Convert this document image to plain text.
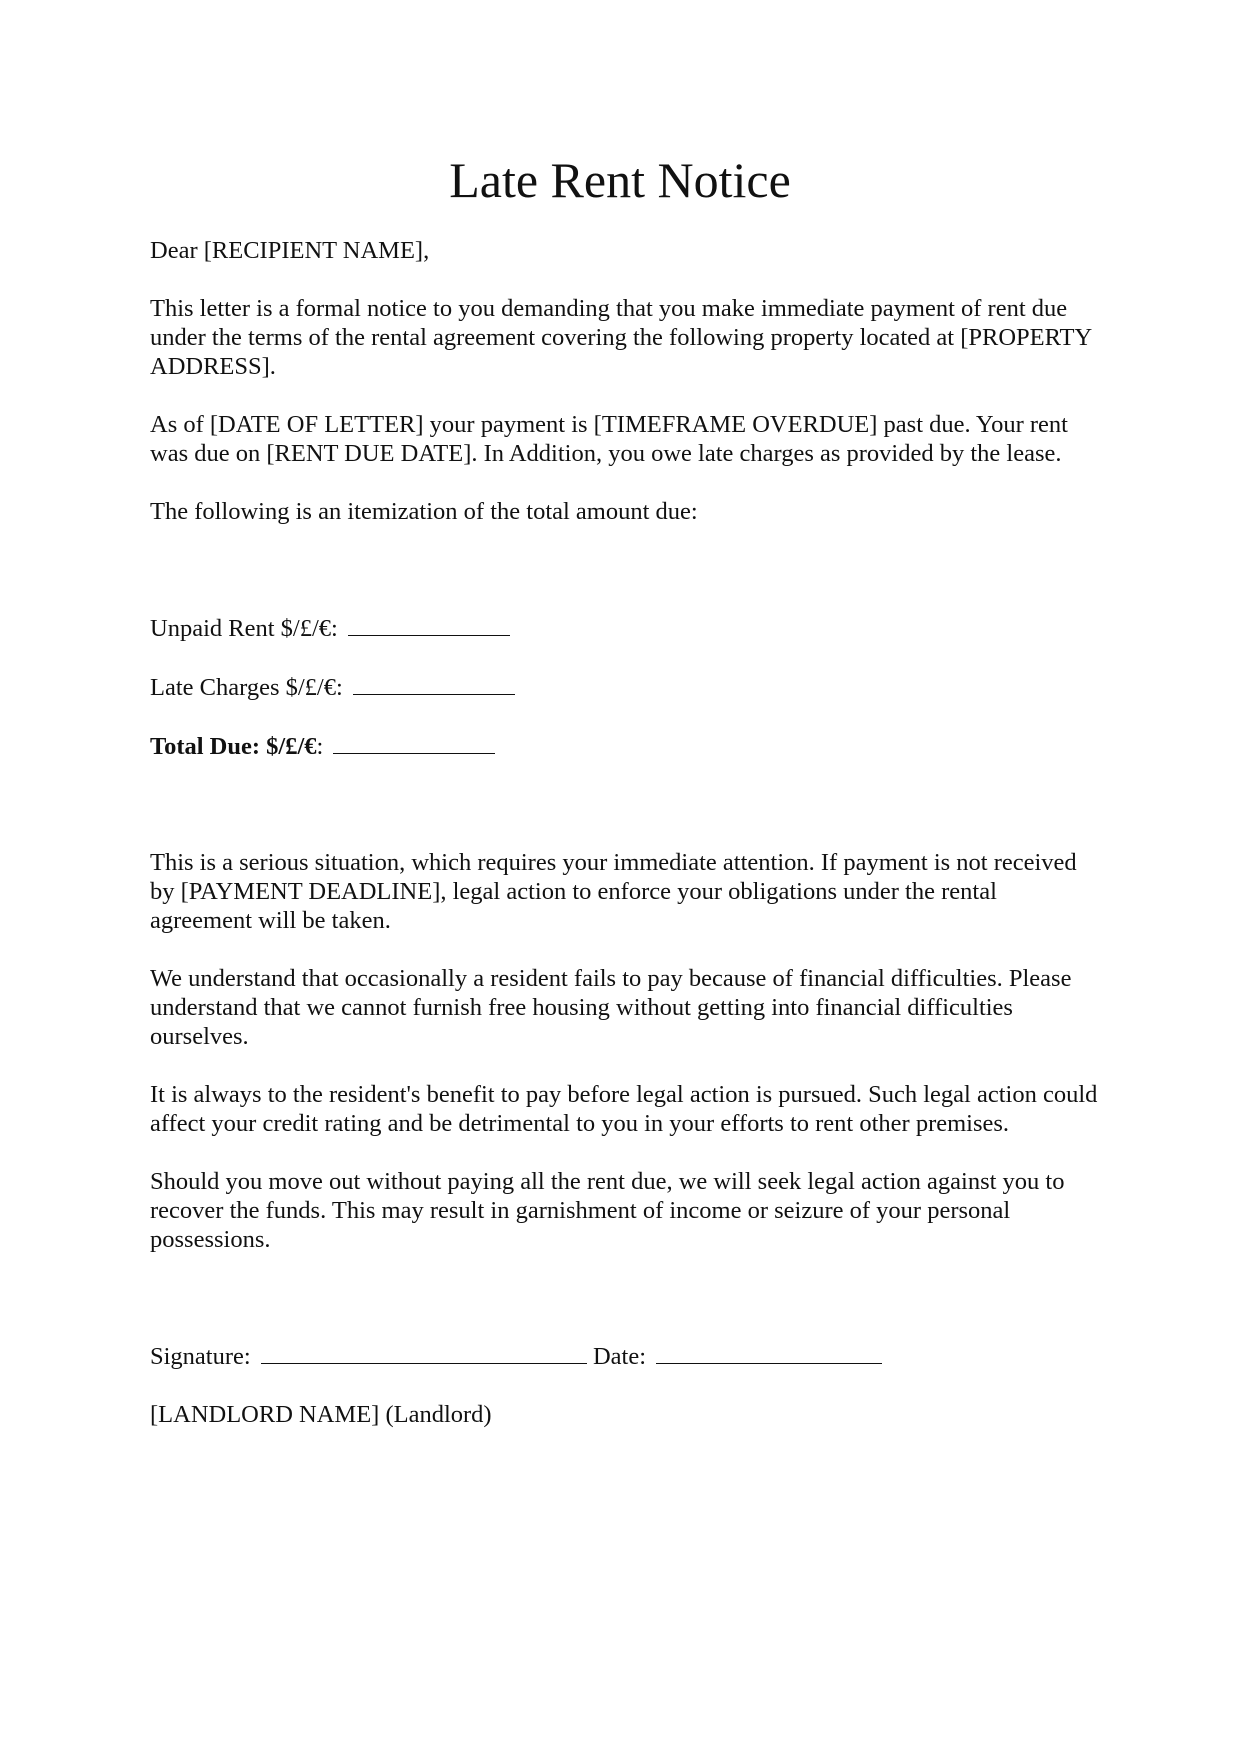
Late Rent Notice

Dear [RECIPIENT NAME],

This letter is a formal notice to you demanding that you make immediate payment of rent due under the terms of the rental agreement covering the following property located at [PROPERTY ADDRESS].

As of [DATE OF LETTER] your payment is [TIMEFRAME OVERDUE] past due. Your rent was due on [RENT DUE DATE]. In Addition, you owe late charges as provided by the lease.

The following is an itemization of the total amount due:

Unpaid Rent $/£/€:

Late Charges $/£/€:

Total Due: $/£/€:

This is a serious situation, which requires your immediate attention. If payment is not received by [PAYMENT DEADLINE], legal action to enforce your obligations under the rental agreement will be taken.

We understand that occasionally a resident fails to pay because of financial difficulties. Please understand that we cannot furnish free housing without getting into financial difficulties ourselves.

It is always to the resident's benefit to pay before legal action is pursued. Such legal action could affect your credit rating and be detrimental to you in your efforts to rent other premises.

Should you move out without paying all the rent due, we will seek legal action against you to recover the funds. This may result in garnishment of income or seizure of your personal possessions.

Signature:	Date:

[LANDLORD NAME] (Landlord)
